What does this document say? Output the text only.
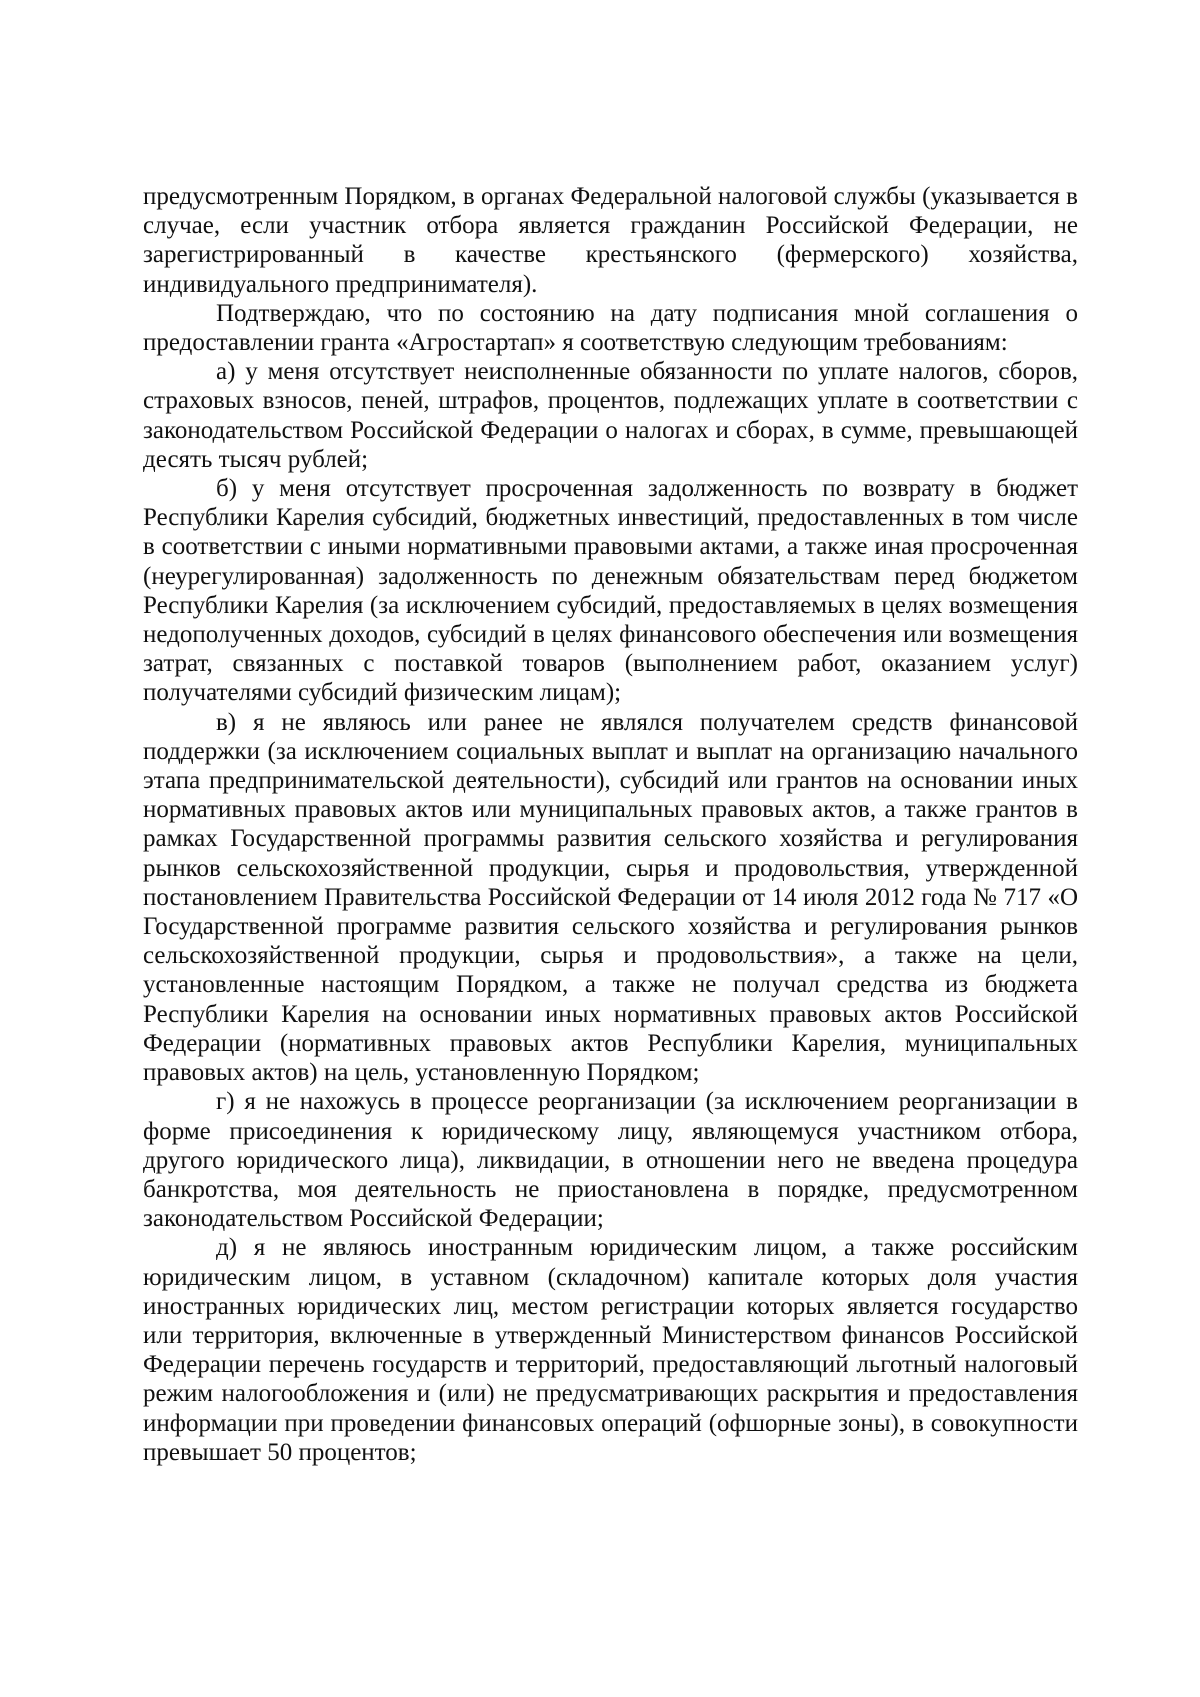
предусмотренным Порядком, в органах Федеральной налоговой службы (указывается в случае, если участник отбора является гражданин Российской Федерации, не зарегистрированный в качестве крестьянского (фермерского) хозяйства, индивидуального предпринимателя).

Подтверждаю, что по состоянию на дату подписания мной соглашения о предоставлении гранта «Агростартап» я соответствую следующим требованиям:

а) у меня отсутствует неисполненные обязанности по уплате налогов, сборов, страховых взносов, пеней, штрафов, процентов, подлежащих уплате в соответствии с законодательством Российской Федерации о налогах и сборах, в сумме, превышающей десять тысяч рублей;

б) у меня отсутствует просроченная задолженность по возврату в бюджет Республики Карелия субсидий, бюджетных инвестиций, предоставленных в том числе в соответствии с иными нормативными правовыми актами, а также иная просроченная (неурегулированная) задолженность по денежным обязательствам перед бюджетом Республики Карелия (за исключением субсидий, предоставляемых в целях возмещения недополученных доходов, субсидий в целях финансового обеспечения или возмещения затрат, связанных с поставкой товаров (выполнением работ, оказанием услуг) получателями субсидий физическим лицам);

в) я не являюсь или ранее не являлся получателем средств финансовой поддержки (за исключением социальных выплат и выплат на организацию начального этапа предпринимательской деятельности), субсидий или грантов на основании иных нормативных правовых актов или муниципальных правовых актов, а также грантов в рамках Государственной программы развития сельского хозяйства и регулирования рынков сельскохозяйственной продукции, сырья и продовольствия, утвержденной постановлением Правительства Российской Федерации от 14 июля 2012 года № 717 «О Государственной программе развития сельского хозяйства и регулирования рынков сельскохозяйственной продукции, сырья и продовольствия», а также на цели, установленные настоящим Порядком, а также не получал средства из бюджета Республики Карелия на основании иных нормативных правовых актов Российской Федерации (нормативных правовых актов Республики Карелия, муниципальных правовых актов) на цель, установленную Порядком;

г) я не нахожусь в процессе реорганизации (за исключением реорганизации в форме присоединения к юридическому лицу, являющемуся участником отбора, другого юридического лица), ликвидации, в отношении него не введена процедура банкротства, моя деятельность не приостановлена в порядке, предусмотренном законодательством Российской Федерации;

д) я не являюсь иностранным юридическим лицом, а также российским юридическим лицом, в уставном (складочном) капитале которых доля участия иностранных юридических лиц, местом регистрации которых является государство или территория, включенные в утвержденный Министерством финансов Российской Федерации перечень государств и территорий, предоставляющий льготный налоговый режим налогообложения и (или) не предусматривающих раскрытия и предоставления информации при проведении финансовых операций (офшорные зоны), в совокупности превышает 50 процентов;
